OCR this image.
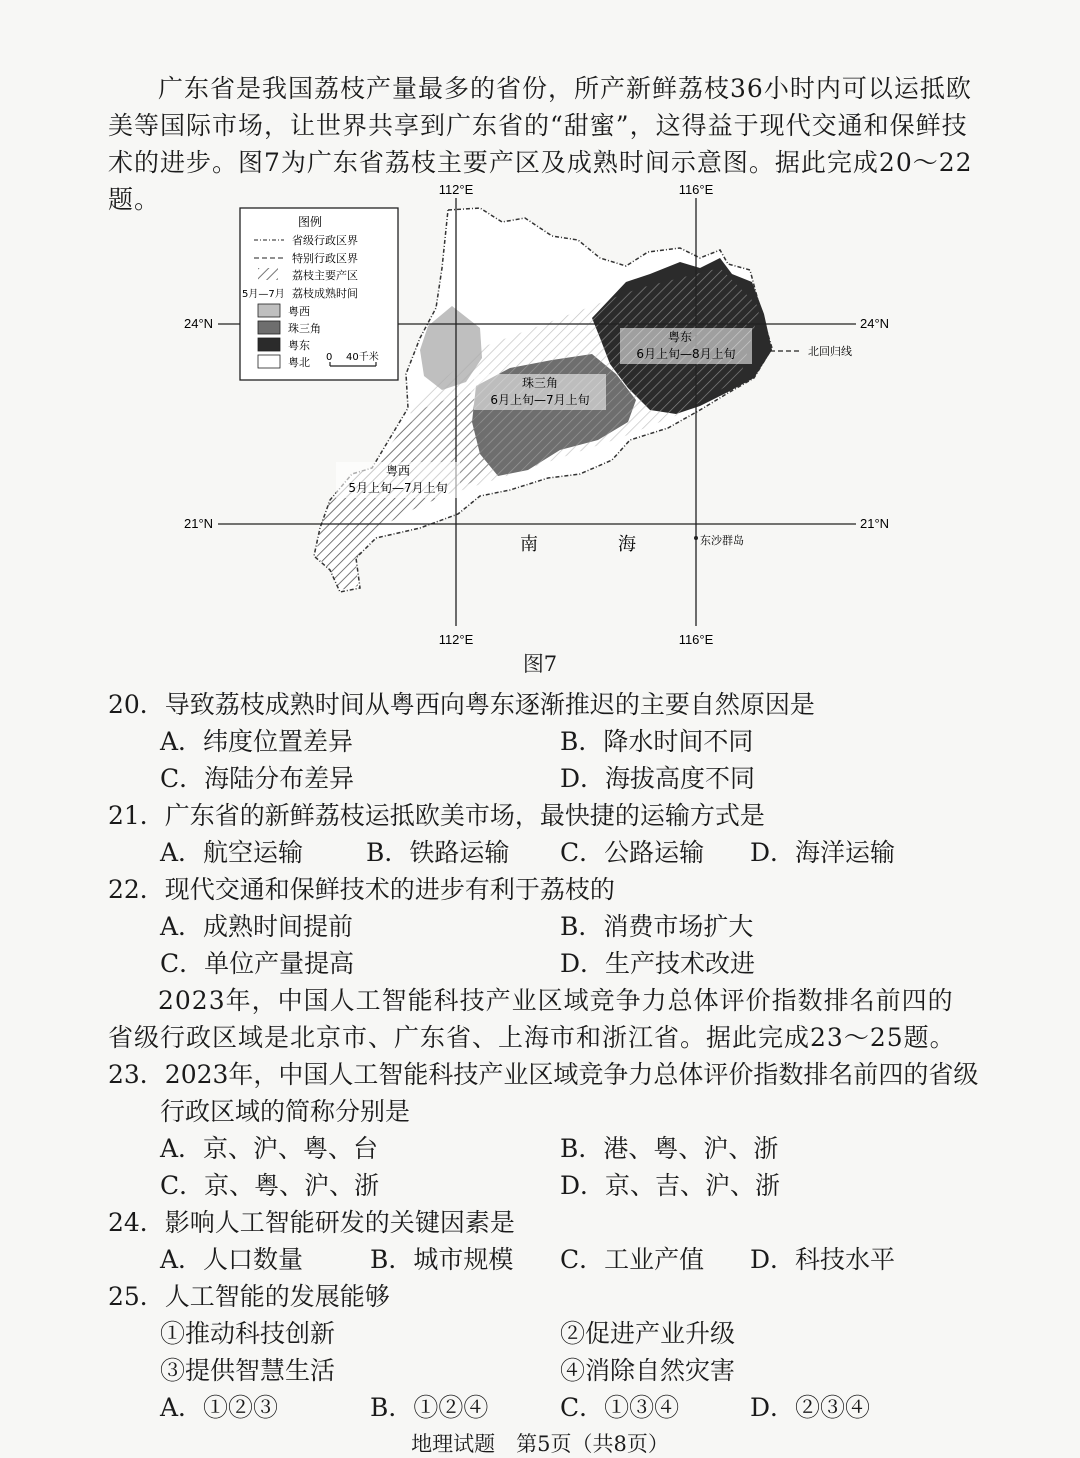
广东省是我国荔枝产量最多的省份，所产新鲜荔枝36小时内可以运抵欧美等国际市场，让世界共享到广东省的“甜蜜”，这得益于现代交通和保鲜技术的进步。图7为广东省荔枝主要产区及成熟时间示意图。据此完成20～22题。	112°E	116°E
112°E	116°E
24°N	24°N
21°N	21°N
北回归线
南	海	东沙群岛
粤东
6月上旬—8月上旬
珠三角
6月上旬—7月上旬
粤西
5月上旬—7月上旬
图例
省级行政区界
特别行政区界
荔枝主要产区
5月—7月 荔枝成熟时间
粤西
珠三角
粤东
粤北 0 40千米
图7
20．导致荔枝成熟时间从粤西向粤东逐渐推迟的主要自然原因是
A．纬度位置差异	B．降水时间不同
C．海陆分布差异	D．海拔高度不同
21．广东省的新鲜荔枝运抵欧美市场，最快捷的运输方式是
A．航空运输	B．铁路运输 C．公路运输 D．海洋运输
22．现代交通和保鲜技术的进步有利于荔枝的
A．成熟时间提前	B．消费市场扩大
C．单位产量提高	D．生产技术改进
2023年，中国人工智能科技产业区域竞争力总体评价指数排名前四的省级行政区域是北京市、广东省、上海市和浙江省。据此完成23～25题。
23．2023年，中国人工智能科技产业区域竞争力总体评价指数排名前四的省级
行政区域的简称分别是
A．京、沪、粤、台	B．港、粤、沪、浙
C．京、粤、沪、浙	D．京、吉、沪、浙
24．影响人工智能研发的关键因素是
A．人口数量	B．城市规模 C．工业产值 D．科技水平
25．人工智能的发展能够
①推动科技创新	②促进产业升级
③提供智慧生活	④消除自然灾害
A．①②③	B．①②④	C．①③④	D．②③④
地理试题　第5页（共8页）
